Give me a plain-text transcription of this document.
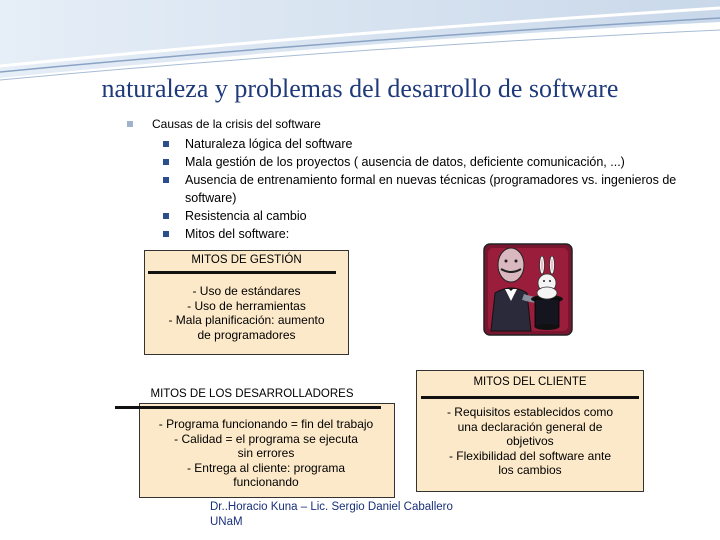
naturaleza y problemas del desarrollo de software
Causas de la crisis del software
Naturaleza lógica del software
Mala gestión de los proyectos ( ausencia de datos, deficiente comunicación, ...)
Ausencia de entrenamiento formal en nuevas técnicas (programadores vs. ingenieros de software)
Resistencia al cambio
Mitos del software:
MITOS DE GESTIÓN
- Uso de estándares
- Uso de herramientas
- Mala planificación: aumento
de programadores
MITOS DE LOS DESARROLLADORES
- Programa funcionando = fin del trabajo
- Calidad = el programa se ejecuta
sin errores
- Entrega al cliente: programa
funcionando
MITOS DEL CLIENTE
- Requisitos establecidos como
una declaración general de
objetivos
- Flexibilidad del software ante
los cambios
Dr..Horacio Kuna – Lic. Sergio Daniel Caballero
UNaM
